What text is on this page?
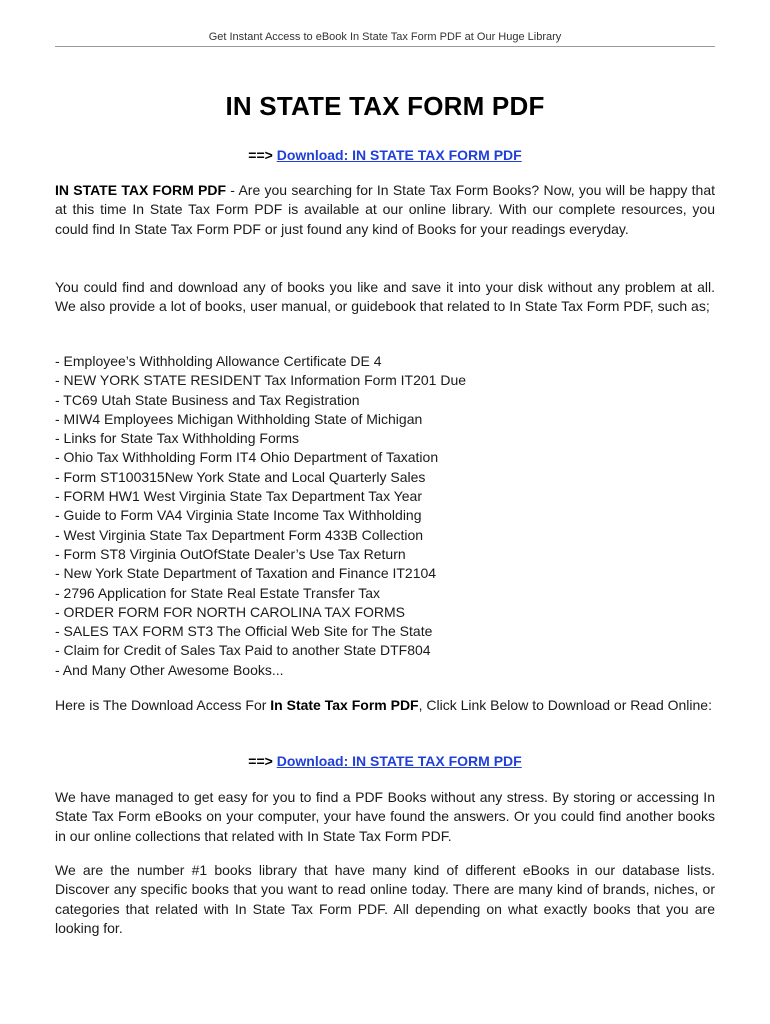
Get Instant Access to eBook In State Tax Form PDF at Our Huge Library
IN STATE TAX FORM PDF
==> Download: IN STATE TAX FORM PDF

IN STATE TAX FORM PDF - Are you searching for In State Tax Form Books? Now, you will be happy that at this time In State Tax Form PDF is available at our online library. With our complete resources, you could find In State Tax Form PDF or just found any kind of Books for your readings everyday.

You could find and download any of books you like and save it into your disk without any problem at all. We also provide a lot of books, user manual, or guidebook that related to In State Tax Form PDF, such as;

- Employee’s Withholding Allowance Certificate DE 4
- NEW YORK STATE RESIDENT Tax Information Form IT201 Due
- TC69 Utah State Business and Tax Registration
- MIW4 Employees Michigan Withholding State of Michigan
- Links for State Tax Withholding Forms
- Ohio Tax Withholding Form IT4 Ohio Department of Taxation
- Form ST100315New York State and Local Quarterly Sales
- FORM HW1 West Virginia State Tax Department Tax Year
- Guide to Form VA4 Virginia State Income Tax Withholding
- West Virginia State Tax Department Form 433B Collection
- Form ST8 Virginia OutOfState Dealer’s Use Tax Return
- New York State Department of Taxation and Finance IT2104
- 2796 Application for State Real Estate Transfer Tax
- ORDER FORM FOR NORTH CAROLINA TAX FORMS
- SALES TAX FORM ST3 The Official Web Site for The State
- Claim for Credit of Sales Tax Paid to another State DTF804
- And Many Other Awesome Books...

Here is The Download Access For In State Tax Form PDF, Click Link Below to Download or Read Online:

==> Download: IN STATE TAX FORM PDF

We have managed to get easy for you to find a PDF Books without any stress. By storing or accessing In State Tax Form eBooks on your computer, your have found the answers. Or you could find another books in our online collections that related with In State Tax Form PDF.

We are the number #1 books library that have many kind of different eBooks in our database lists. Discover any specific books that you want to read online today. There are many kind of brands, niches, or categories that related with In State Tax Form PDF. All depending on what exactly books that you are looking for.
